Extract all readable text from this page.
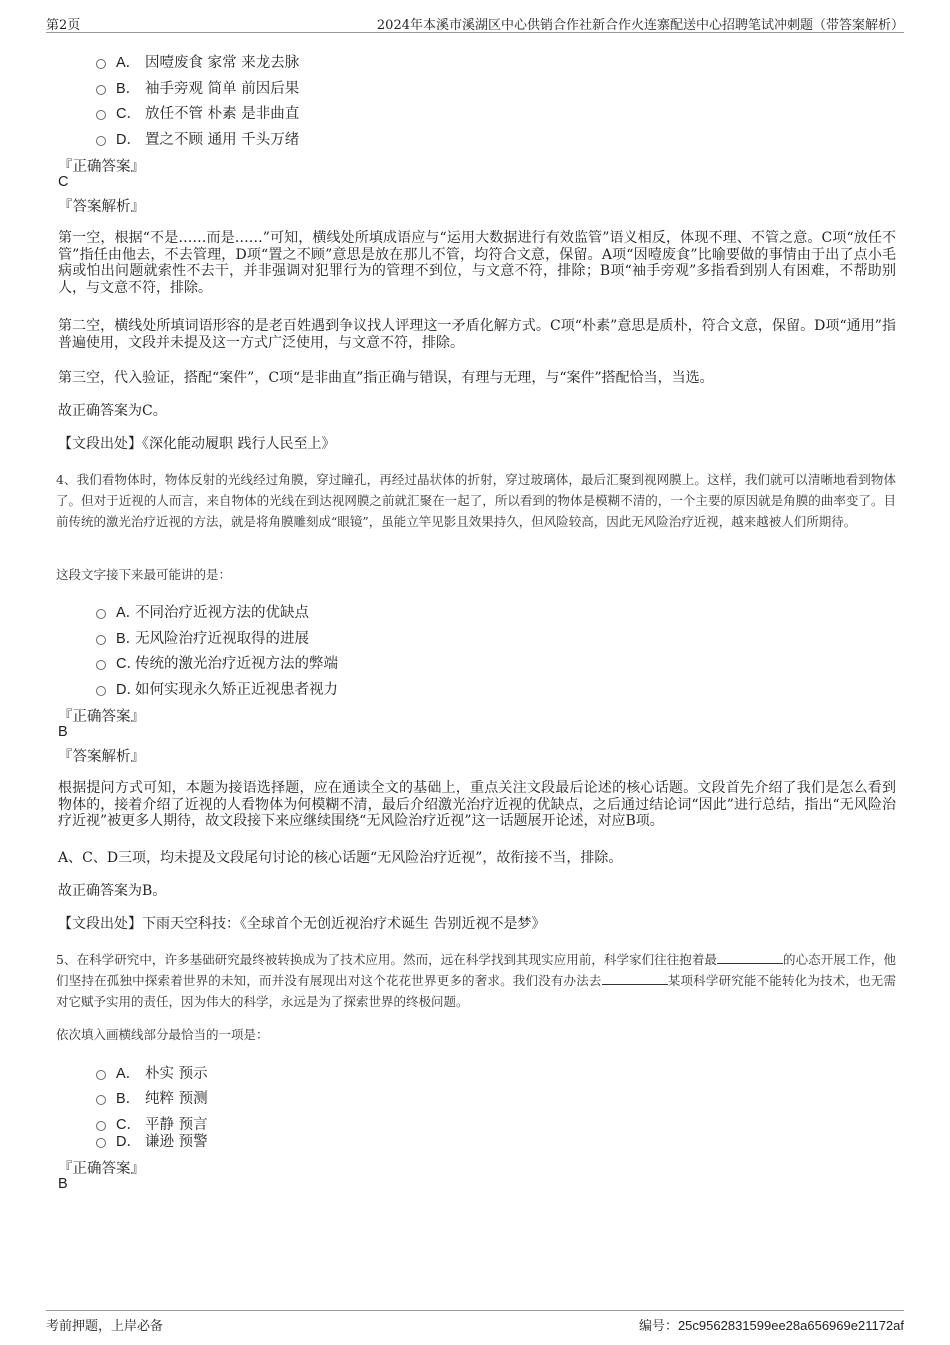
第2页	2024年本溪市溪湖区中心供销合作社新合作火连寨配送中心招聘笔试冲刺题（带答案解析）
A． 因噎废食 家常 来龙去脉
B． 袖手旁观 简单 前因后果
C． 放任不管 朴素 是非曲直
D． 置之不顾 通用 千头万绪
『正确答案』
C
『答案解析』
第一空，根据“不是……而是……”可知，横线处所填成语应与“运用大数据进行有效监管”语义相反，体现不理、不管之意。C项“放任不管”指任由他去，不去管理，D项“置之不顾”意思是放在那儿不管，均符合文意，保留。A项“因噎废食”比喻要做的事情由于出了点小毛病或怕出问题就索性不去干，并非强调对犯罪行为的管理不到位，与文意不符，排除；B项“袖手旁观”多指看到别人有困难，不帮助别人，与文意不符，排除。
第二空，横线处所填词语形容的是老百姓遇到争议找人评理这一矛盾化解方式。C项“朴素”意思是质朴，符合文意，保留。D项“通用”指普遍使用，文段并未提及这一方式广泛使用，与文意不符，排除。
第三空，代入验证，搭配“案件”，C项“是非曲直”指正确与错误，有理与无理，与“案件”搭配恰当，当选。
故正确答案为C。
【文段出处】《深化能动履职 践行人民至上》
4、我们看物体时，物体反射的光线经过角膜，穿过瞳孔，再经过晶状体的折射，穿过玻璃体，最后汇聚到视网膜上。这样，我们就可以清晰地看到物体了。但对于近视的人而言，来自物体的光线在到达视网膜之前就汇聚在一起了，所以看到的物体是模糊不清的，一个主要的原因就是角膜的曲率变了。目前传统的激光治疗近视的方法，就是将角膜雕刻成“眼镜”，虽能立竿见影且效果持久，但风险较高，因此无风险治疗近视，越来越被人们所期待。
这段文字接下来最可能讲的是：
A．不同治疗近视方法的优缺点
B．无风险治疗近视取得的进展
C．传统的激光治疗近视方法的弊端
D．如何实现永久矫正近视患者视力
『正确答案』
B
『答案解析』
根据提问方式可知，本题为接语选择题，应在通读全文的基础上，重点关注文段最后论述的核心话题。文段首先介绍了我们是怎么看到物体的，接着介绍了近视的人看物体为何模糊不清，最后介绍激光治疗近视的优缺点，之后通过结论词“因此”进行总结，指出“无风险治疗近视”被更多人期待，故文段接下来应继续围绕“无风险治疗近视”这一话题展开论述，对应B项。
A、C、D三项，均未提及文段尾句讨论的核心话题“无风险治疗近视”，故衔接不当，排除。
故正确答案为B。
【文段出处】下雨天空科技：《全球首个无创近视治疗术诞生 告别近视不是梦》
5、在科学研究中，许多基础研究最终被转换成为了技术应用。然而，远在科学找到其现实应用前，科学家们往往抱着最	的心态开展工作，他们坚持在孤独中探索着世界的未知，而并没有展现出对这个花花世界更多的奢求。我们没有办法去	某项科学研究能不能转化为技术，也无需对它赋予实用的责任，因为伟大的科学，永远是为了探索世界的终极问题。
依次填入画横线部分最恰当的一项是：
A． 朴实 预示
B． 纯粹 预测
C． 平静 预言
D． 谦逊 预警
『正确答案』
B
考前押题，上岸必备	编号：25c9562831599ee28a656969e21172af
